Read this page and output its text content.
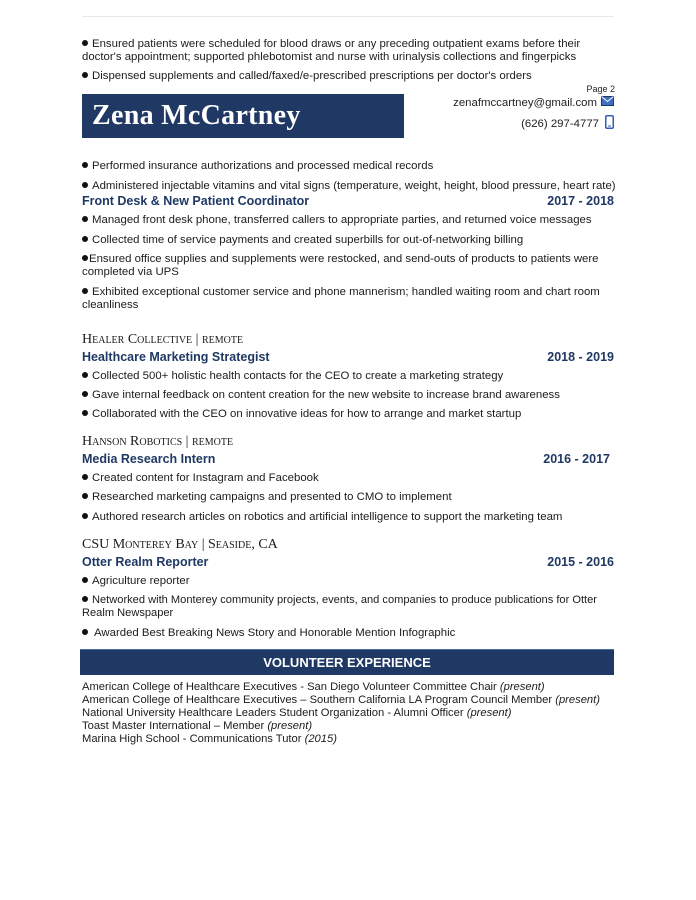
Ensured patients were scheduled for blood draws or any preceding outpatient exams before their doctor's appointment; supported phlebotomist and nurse with urinalysis collections and fingerpicks
Dispensed supplements and called/faxed/e-prescribed prescriptions per doctor's orders
Page 2
Zena McCartney	zenafmccartney@gmail.com
(626) 297-4777
Performed insurance authorizations and processed medical records
Administered injectable vitamins and vital signs (temperature, weight, height, blood pressure, heart rate)
Front Desk & New Patient Coordinator	2017 - 2018
Managed front desk phone, transferred callers to appropriate parties, and returned voice messages
Collected time of service payments and created superbills for out-of-networking billing
Ensured office supplies and supplements were restocked, and send-outs of products to patients were completed via UPS
Exhibited exceptional customer service and phone mannerism; handled waiting room and chart room cleanliness
Healer Collective | remote
Healthcare Marketing Strategist	2018 - 2019
Collected 500+ holistic health contacts for the CEO to create a marketing strategy
Gave internal feedback on content creation for the new website to increase brand awareness
Collaborated with the CEO on innovative ideas for how to arrange and market startup
Hanson Robotics | remote
Media Research Intern	2016 - 2017
Created content for Instagram and Facebook
Researched marketing campaigns and presented to CMO to implement
Authored research articles on robotics and artificial intelligence to support the marketing team
CSU Monterey Bay | Seaside, CA
Otter Realm Reporter	2015 - 2016
Agriculture reporter
Networked with Monterey community projects, events, and companies to produce publications for Otter Realm Newspaper
Awarded Best Breaking News Story and Honorable Mention Infographic
VOLUNTEER EXPERIENCE
American College of Healthcare Executives - San Diego Volunteer Committee Chair (present)
American College of Healthcare Executives – Southern California LA Program Council Member (present)
National University Healthcare Leaders Student Organization - Alumni Officer (present)
Toast Master International – Member (present)
Marina High School - Communications Tutor (2015)
